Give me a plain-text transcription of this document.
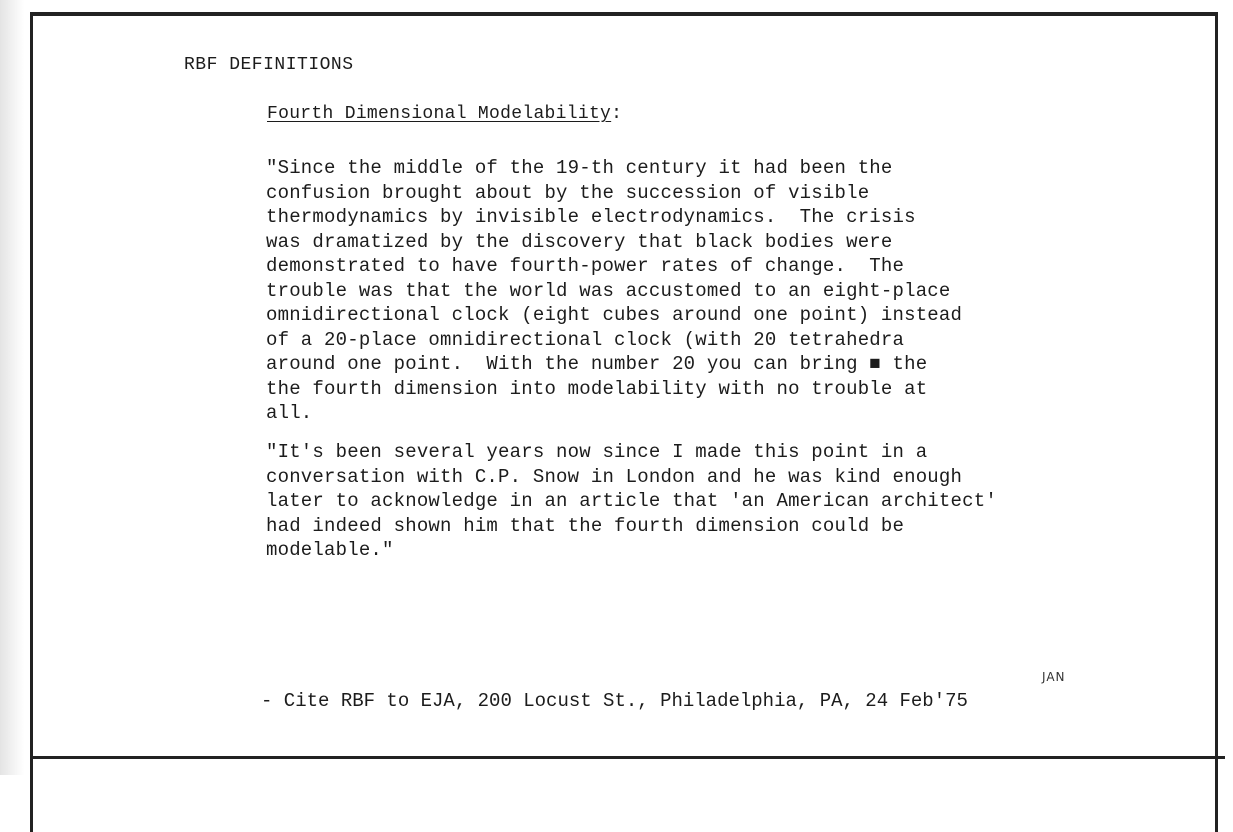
RBF DEFINITIONS
Fourth Dimensional Modelability:

"Since the middle of the 19-th century it had been the
confusion brought about by the succession of visible
thermodynamics by invisible electrodynamics.  The crisis
was dramatized by the discovery that black bodies were
demonstrated to have fourth-power rates of change.  The
trouble was that the world was accustomed to an eight-place
omnidirectional clock (eight cubes around one point) instead
of a 20-place omnidirectional clock (with 20 tetrahedra
around one point.  With the number 20 you can bring ■ the
the fourth dimension into modelability with no trouble at
all.

"It's been several years now since I made this point in a
conversation with C.P. Snow in London and he was kind enough
later to acknowledge in an article that 'an American architect'
had indeed shown him that the fourth dimension could be
modelable."

JAN
- Cite RBF to EJA, 200 Locust St., Philadelphia, PA, 24 Feb'75
